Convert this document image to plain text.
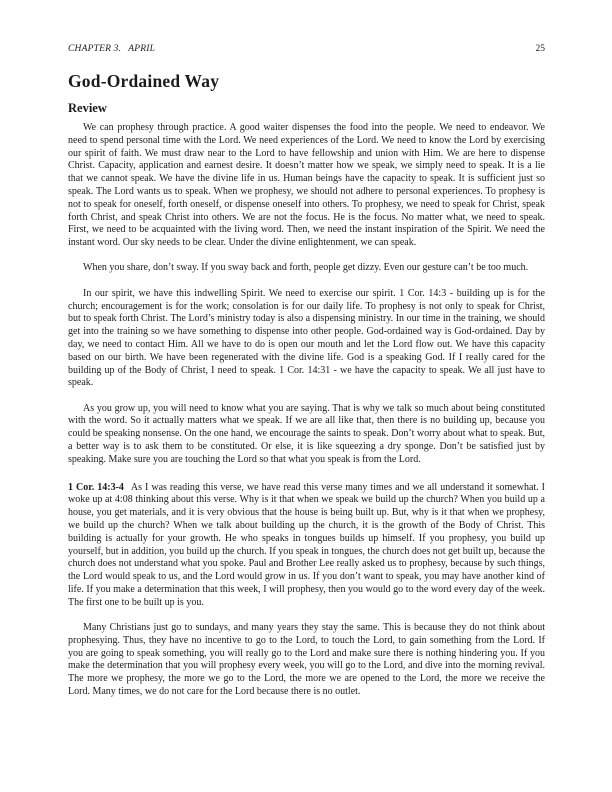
CHAPTER 3. APRIL	25
God-Ordained Way
Review

We can prophesy through practice. A good waiter dispenses the food into the people. We need to endeavor. We need to spend personal time with the Lord. We need experiences of the Lord. We need to know the Lord by exercising our spirit of faith. We must draw near to the Lord to have fellowship and union with Him. We are here to dispense Christ. Capacity, application and earnest desire. It doesn’t matter how we speak, we simply need to speak. It is a lie that we cannot speak. We have the divine life in us. Human beings have the capacity to speak. It is sufficient just so speak. The Lord wants us to speak. When we prophesy, we should not adhere to personal experiences. To prophesy is not to speak for oneself, forth oneself, or dispense oneself into others. To prophesy, we need to speak for Christ, speak forth Christ, and speak Christ into others. We are not the focus. He is the focus. No matter what, we need to speak. First, we need to be acquainted with the living word. Then, we need the instant inspiration of the Spirit. We need the instant word. Our sky needs to be clear. Under the divine enlightenment, we can speak.

When you share, don’t sway. If you sway back and forth, people get dizzy. Even our gesture can’t be too much.

In our spirit, we have this indwelling Spirit. We need to exercise our spirit. 1 Cor. 14:3 - building up is for the church; encouragement is for the work; consolation is for our daily life. To prophesy is not only to speak for Christ, but to speak forth Christ. The Lord’s ministry today is also a dispensing ministry. In our time in the training, we should get into the training so we have something to dispense into other people. God-ordained way is God-ordained. Day by day, we need to contact Him. All we have to do is open our mouth and let the Lord flow out. We have this capacity based on our birth. We have been regenerated with the divine life. God is a speaking God. If I really cared for the building up of the Body of Christ, I need to speak. 1 Cor. 14:31 - we have the capacity to speak. We all just have to speak.

As you grow up, you will need to know what you are saying. That is why we talk so much about being constituted with the word. So it actually matters what we speak. If we are all like that, then there is no building up, because you could be speaking nonsense. On the one hand, we encourage the saints to speak. Don’t worry about what to speak. But, a better way is to ask them to be constituted. Or else, it is like squeezing a dry sponge. Don’t be satisfied just by speaking. Make sure you are touching the Lord so that what you speak is from the Lord.

1 Cor. 14:3-4 As I was reading this verse, we have read this verse many times and we all understand it somewhat. I woke up at 4:08 thinking about this verse. Why is it that when we speak we build up the church? When you build up a house, you get materials, and it is very obvious that the house is being built up. But, why is it that when we prophesy, we build up the church? When we talk about building up the church, it is the growth of the Body of Christ. This building is actually for your growth. He who speaks in tongues builds up himself. If you prophesy, you build up yourself, but in addition, you build up the church. If you speak in tongues, the church does not get built up, because the church does not understand what you spoke. Paul and Brother Lee really asked us to prophesy, because by such things, the Lord would speak to us, and the Lord would grow in us. If you don’t want to speak, you may have another kind of life. If you make a determination that this week, I will prophesy, then you would go to the word every day of the week. The first one to be built up is you.

Many Christians just go to sundays, and many years they stay the same. This is because they do not think about prophesying. Thus, they have no incentive to go to the Lord, to touch the Lord, to gain something from the Lord. If you are going to speak something, you will really go to the Lord and make sure there is nothing hindering you. If you make the determination that you will prophesy every week, you will go to the Lord, and dive into the morning revival. The more we prophesy, the more we go to the Lord, the more we are opened to the Lord, the more we receive the Lord. Many times, we do not care for the Lord because there is no outlet.
